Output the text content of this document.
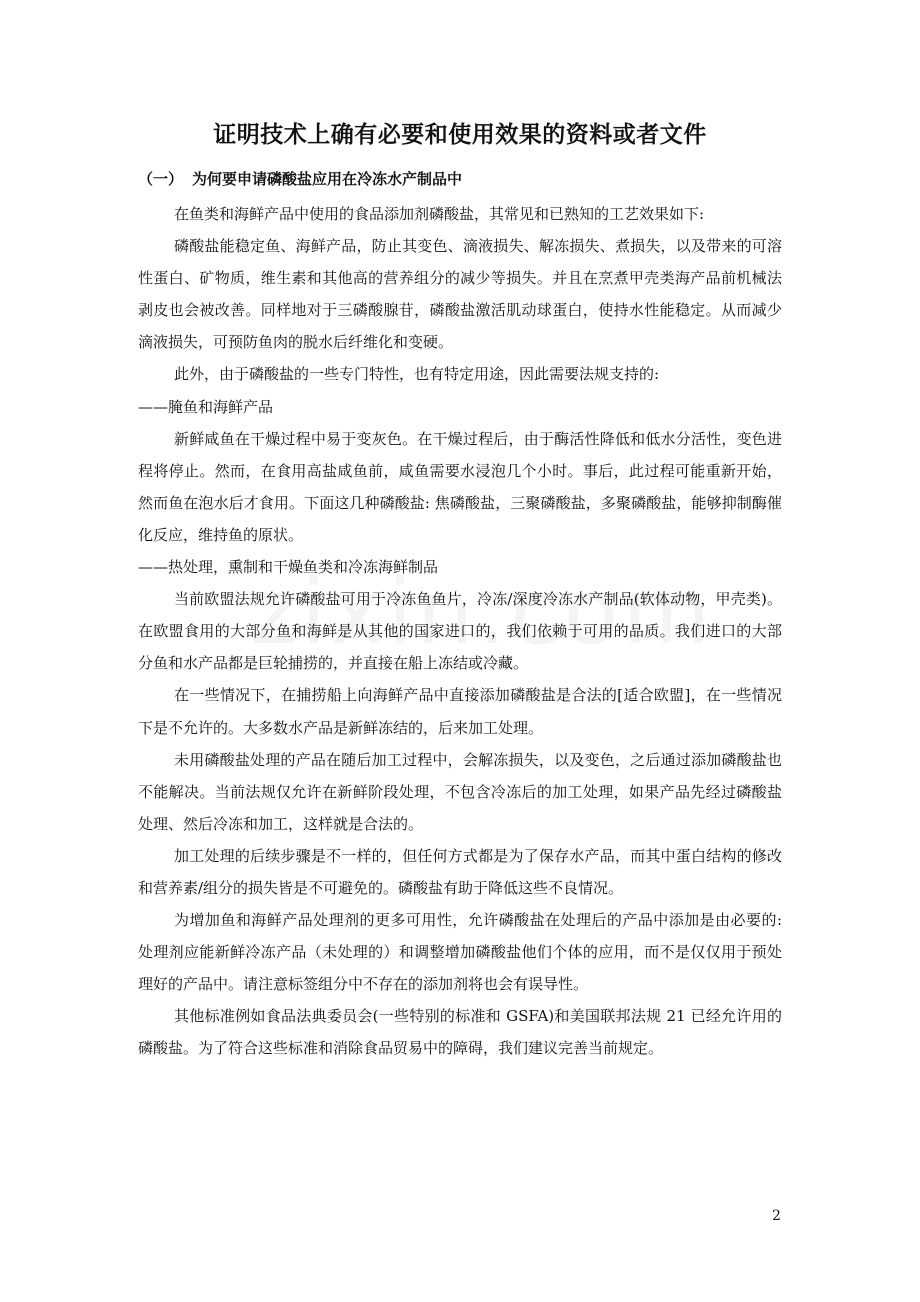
证明技术上确有必要和使用效果的资料或者文件
（一） 为何要申请磷酸盐应用在冷冻水产制品中

在鱼类和海鲜产品中使用的食品添加剂磷酸盐，其常见和已熟知的工艺效果如下:

磷酸盐能稳定鱼、海鲜产品，防止其变色、滴液损失、解冻损失、煮损失，以及带来的可溶性蛋白、矿物质，维生素和其他高的营养组分的减少等损失。并且在烹煮甲壳类海产品前机械法剥皮也会被改善。同样地对于三磷酸腺苷，磷酸盐激活肌动球蛋白，使持水性能稳定。从而减少滴液损失，可预防鱼肉的脱水后纤维化和变硬。

此外，由于磷酸盐的一些专门特性，也有特定用途，因此需要法规支持的:

——腌鱼和海鲜产品

新鲜咸鱼在干燥过程中易于变灰色。在干燥过程后，由于酶活性降低和低水分活性，变色进程将停止。然而，在食用高盐咸鱼前，咸鱼需要水浸泡几个小时。事后，此过程可能重新开始，然而鱼在泡水后才食用。下面这几种磷酸盐: 焦磷酸盐，三聚磷酸盐，多聚磷酸盐，能够抑制酶催化反应，维持鱼的原状。

——热处理，熏制和干燥鱼类和冷冻海鲜制品

当前欧盟法规允许磷酸盐可用于冷冻鱼鱼片，冷冻/深度冷冻水产制品(软体动物，甲壳类)。在欧盟食用的大部分鱼和海鲜是从其他的国家进口的，我们依赖于可用的品质。我们进口的大部分鱼和水产品都是巨轮捕捞的，并直接在船上冻结或冷藏。

在一些情况下，在捕捞船上向海鲜产品中直接添加磷酸盐是合法的[适合欧盟]，在一些情况下是不允许的。大多数水产品是新鲜冻结的，后来加工处理。

未用磷酸盐处理的产品在随后加工过程中，会解冻损失，以及变色，之后通过添加磷酸盐也不能解决。当前法规仅允许在新鲜阶段处理，不包含冷冻后的加工处理，如果产品先经过磷酸盐处理、然后冷冻和加工，这样就是合法的。

加工处理的后续步骤是不一样的，但任何方式都是为了保存水产品，而其中蛋白结构的修改和营养素/组分的损失皆是不可避免的。磷酸盐有助于降低这些不良情况。

为增加鱼和海鲜产品处理剂的更多可用性，允许磷酸盐在处理后的产品中添加是由必要的: 处理剂应能新鲜冷冻产品（未处理的）和调整增加磷酸盐他们个体的应用，而不是仅仅用于预处理好的产品中。请注意标签组分中不存在的添加剂将也会有误导性。

其他标准例如食品法典委员会(一些特别的标准和 GSFA)和美国联邦法规 21 已经允许用的磷酸盐。为了符合这些标准和消除食品贸易中的障碍，我们建议完善当前规定。

2
